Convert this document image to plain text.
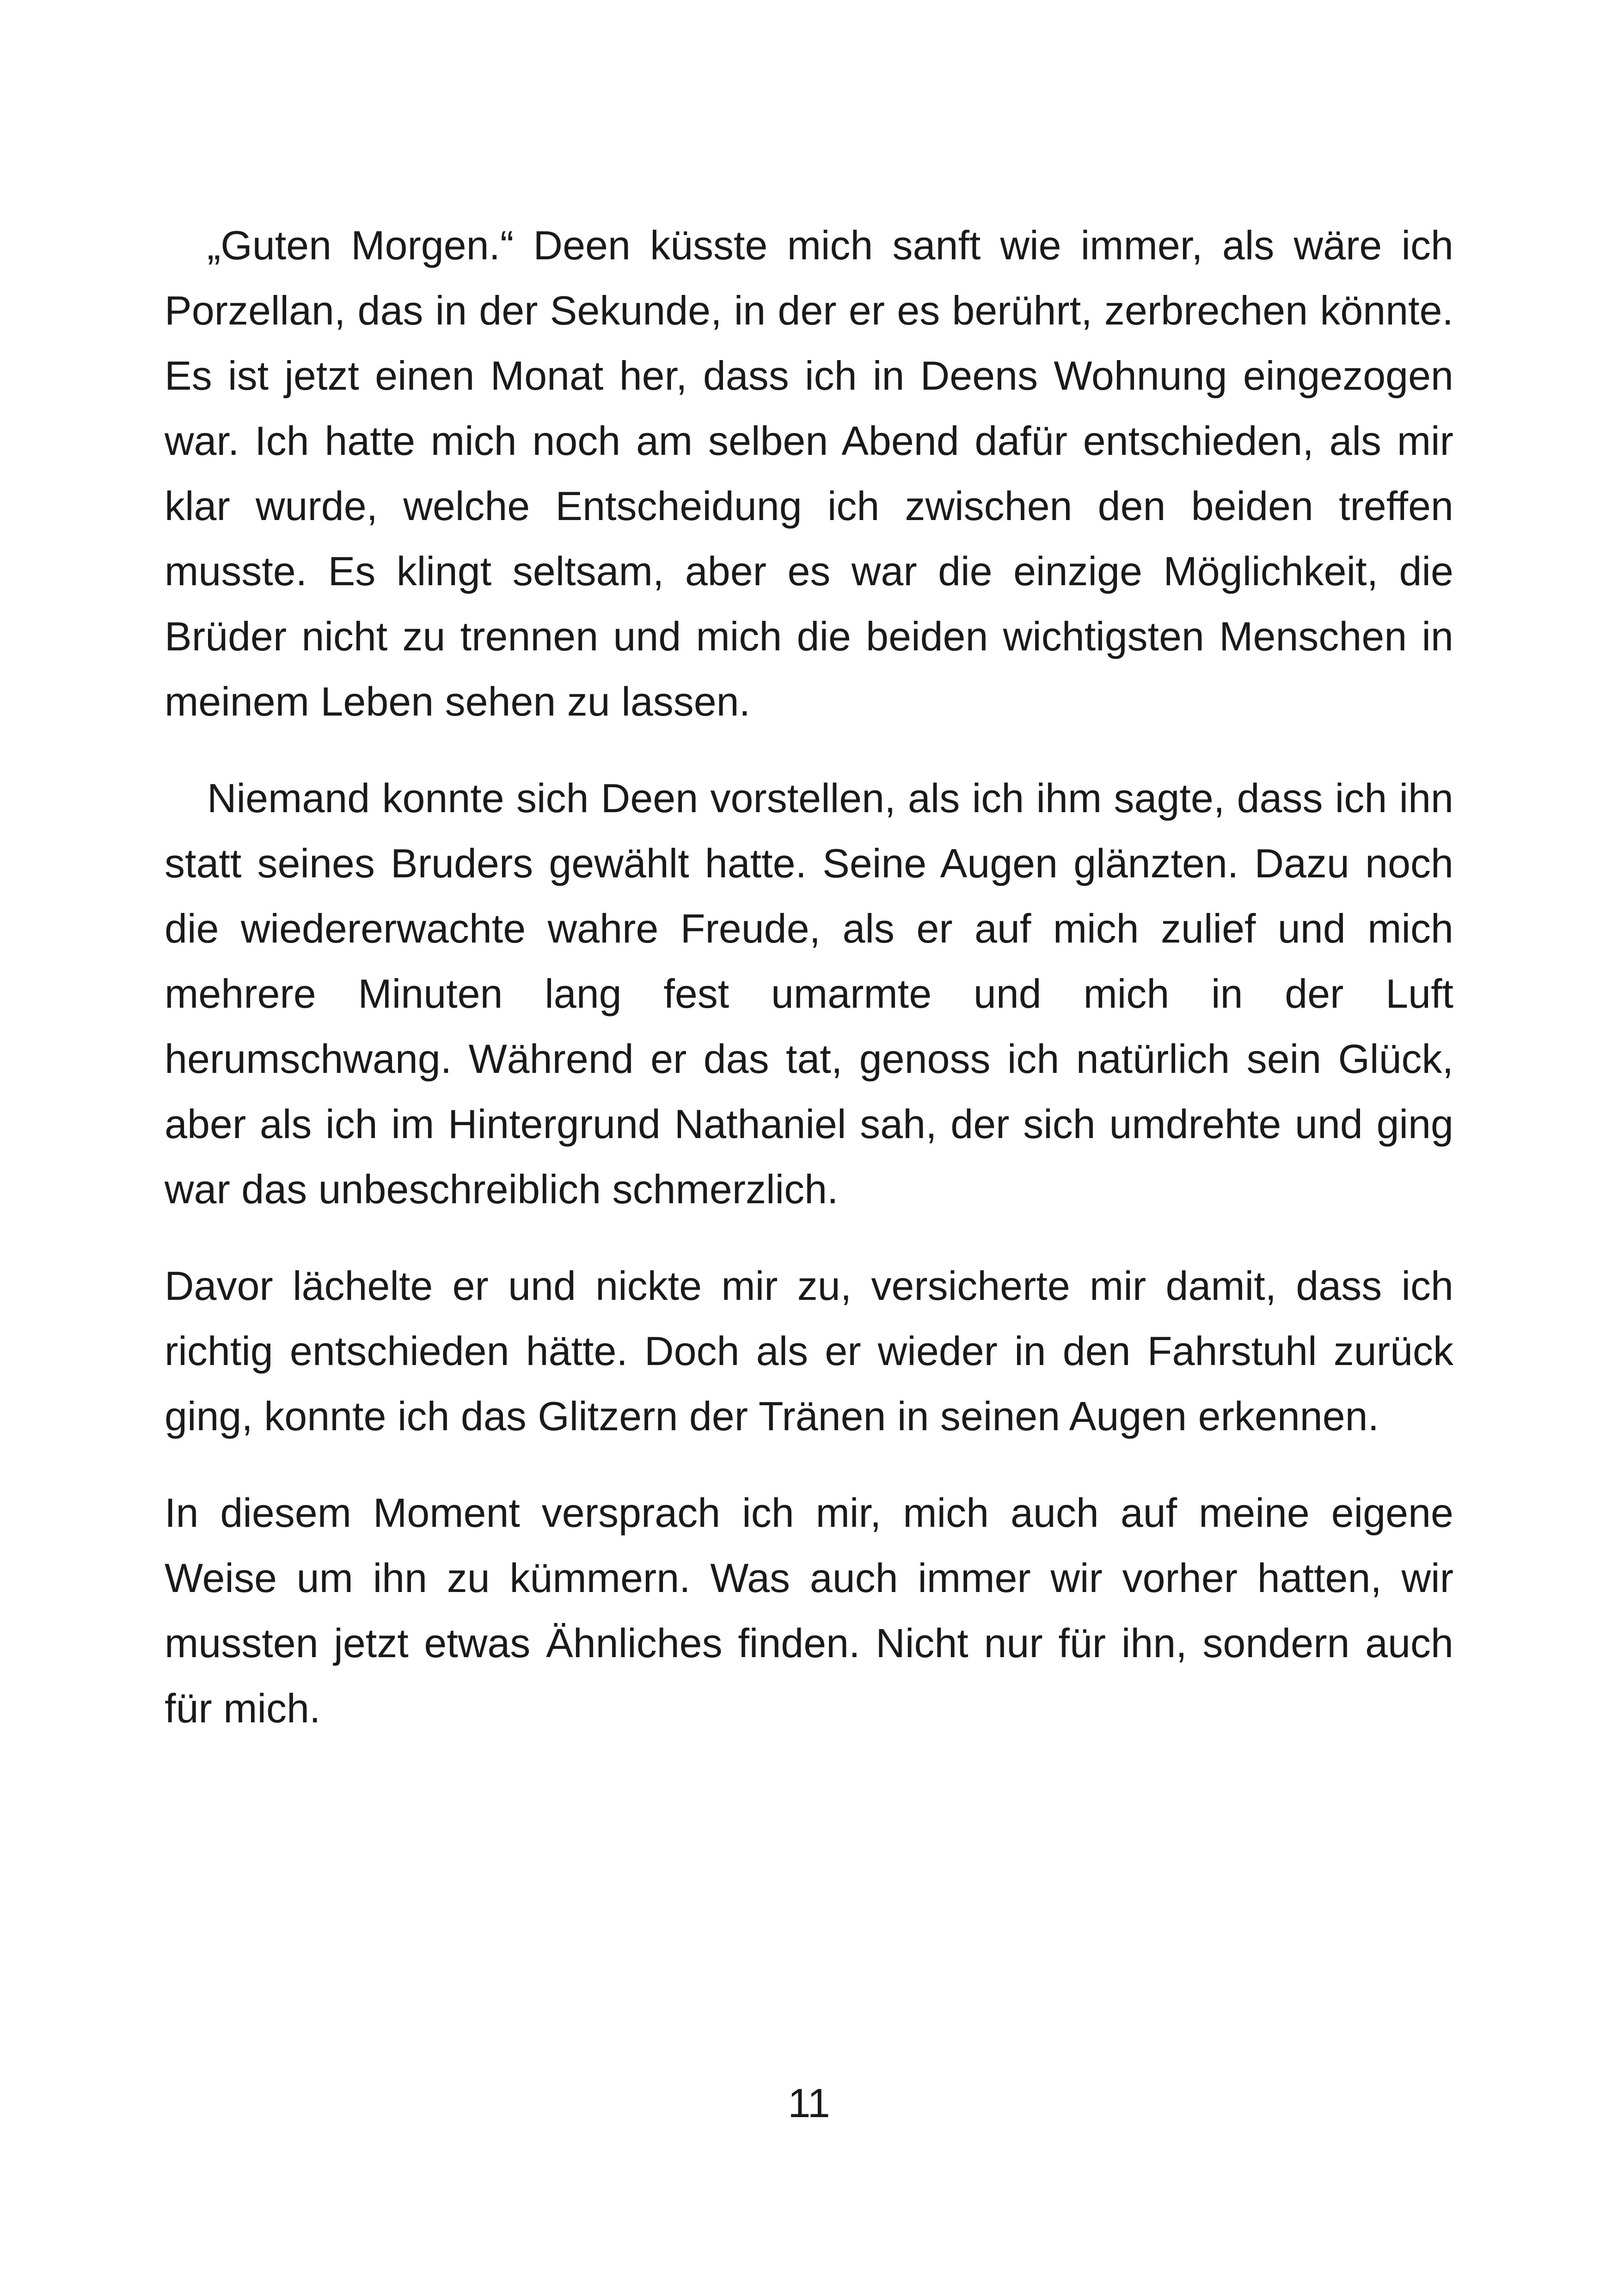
„Guten Morgen.“ Deen küsste mich sanft wie immer, als wäre ich Porzellan, das in der Sekunde, in der er es berührt, zerbrechen könnte. Es ist jetzt einen Monat her, dass ich in Deens Wohnung eingezogen war. Ich hatte mich noch am selben Abend dafür entschieden, als mir klar wurde, welche Entscheidung ich zwischen den beiden treffen musste. Es klingt seltsam, aber es war die einzige Möglichkeit, die Brüder nicht zu trennen und mich die beiden wichtigsten Menschen in meinem Leben sehen zu lassen.

Niemand konnte sich Deen vorstellen, als ich ihm sagte, dass ich ihn statt seines Bruders gewählt hatte. Seine Augen glänzten. Dazu noch die wiedererwachte wahre Freude, als er auf mich zulief und mich mehrere Minuten lang fest umarmte und mich in der Luft herumschwang. Während er das tat, genoss ich natürlich sein Glück, aber als ich im Hintergrund Nathaniel sah, der sich umdrehte und ging war das unbeschreiblich schmerzlich.

Davor lächelte er und nickte mir zu, versicherte mir damit, dass ich richtig entschieden hätte. Doch als er wieder in den Fahrstuhl zurück ging, konnte ich das Glitzern der Tränen in seinen Augen erkennen.

In diesem Moment versprach ich mir, mich auch auf meine eigene Weise um ihn zu kümmern. Was auch immer wir vorher hatten, wir mussten jetzt etwas Ähnliches finden. Nicht nur für ihn, sondern auch für mich.

11
